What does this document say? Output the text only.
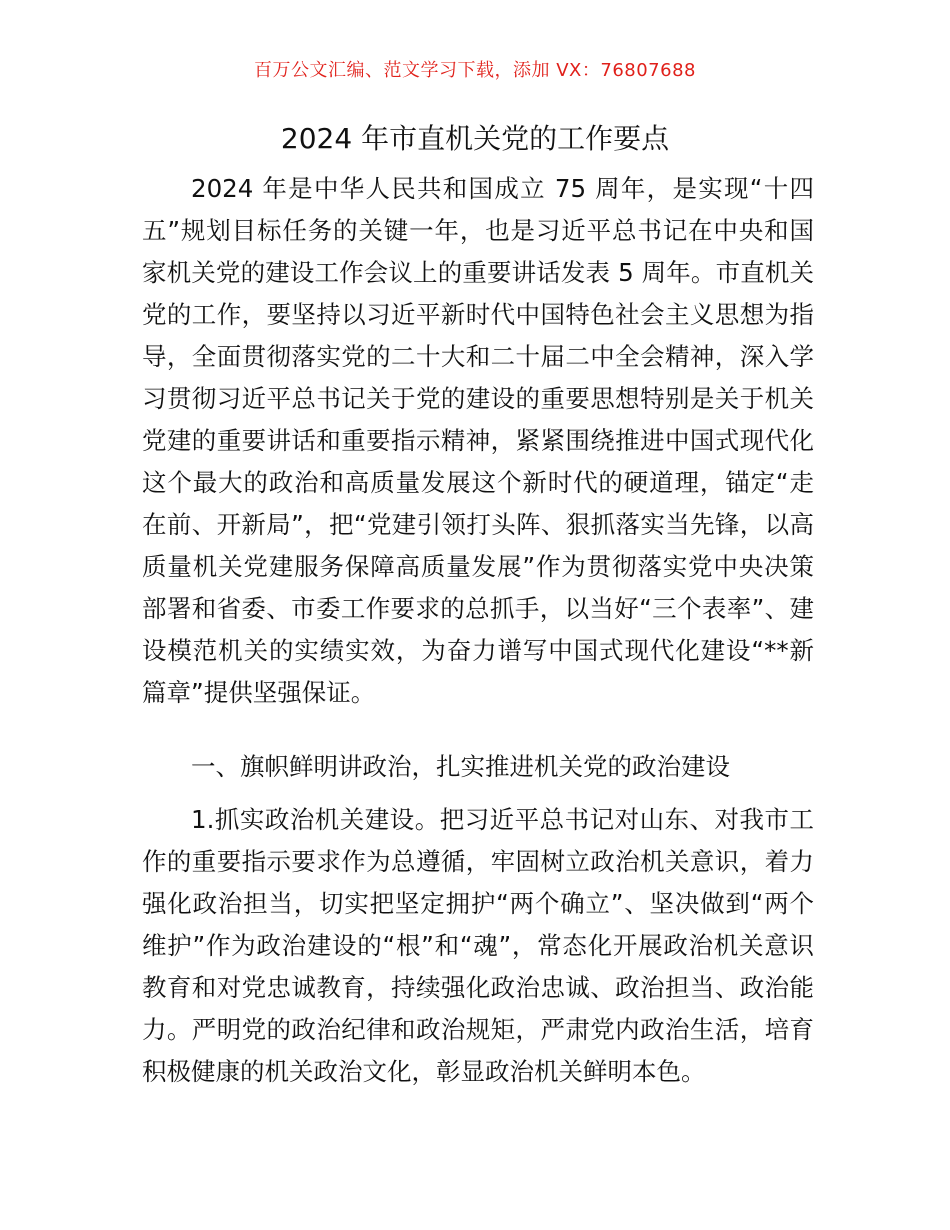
百万公文汇编、范文学习下载，添加 VX：76807688
2024 年市直机关党的工作要点

2024 年是中华人民共和国成立 75 周年，是实现“十四五”规划目标任务的关键一年，也是习近平总书记在中央和国家机关党的建设工作会议上的重要讲话发表 5 周年。市直机关党的工作，要坚持以习近平新时代中国特色社会主义思想为指导，全面贯彻落实党的二十大和二十届二中全会精神，深入学习贯彻习近平总书记关于党的建设的重要思想特别是关于机关党建的重要讲话和重要指示精神，紧紧围绕推进中国式现代化这个最大的政治和高质量发展这个新时代的硬道理，锚定“走在前、开新局”，把“党建引领打头阵、狠抓落实当先锋，以高质量机关党建服务保障高质量发展”作为贯彻落实党中央决策部署和省委、市委工作要求的总抓手，以当好“三个表率”、建设模范机关的实绩实效，为奋力谱写中国式现代化建设“**新篇章”提供坚强保证。

一、旗帜鲜明讲政治，扎实推进机关党的政治建设

1.抓实政治机关建设。把习近平总书记对山东、对我市工作的重要指示要求作为总遵循，牢固树立政治机关意识，着力强化政治担当，切实把坚定拥护“两个确立”、坚决做到“两个维护”作为政治建设的“根”和“魂”，常态化开展政治机关意识教育和对党忠诚教育，持续强化政治忠诚、政治担当、政治能力。严明党的政治纪律和政治规矩，严肃党内政治生活，培育积极健康的机关政治文化，彰显政治机关鲜明本色。
